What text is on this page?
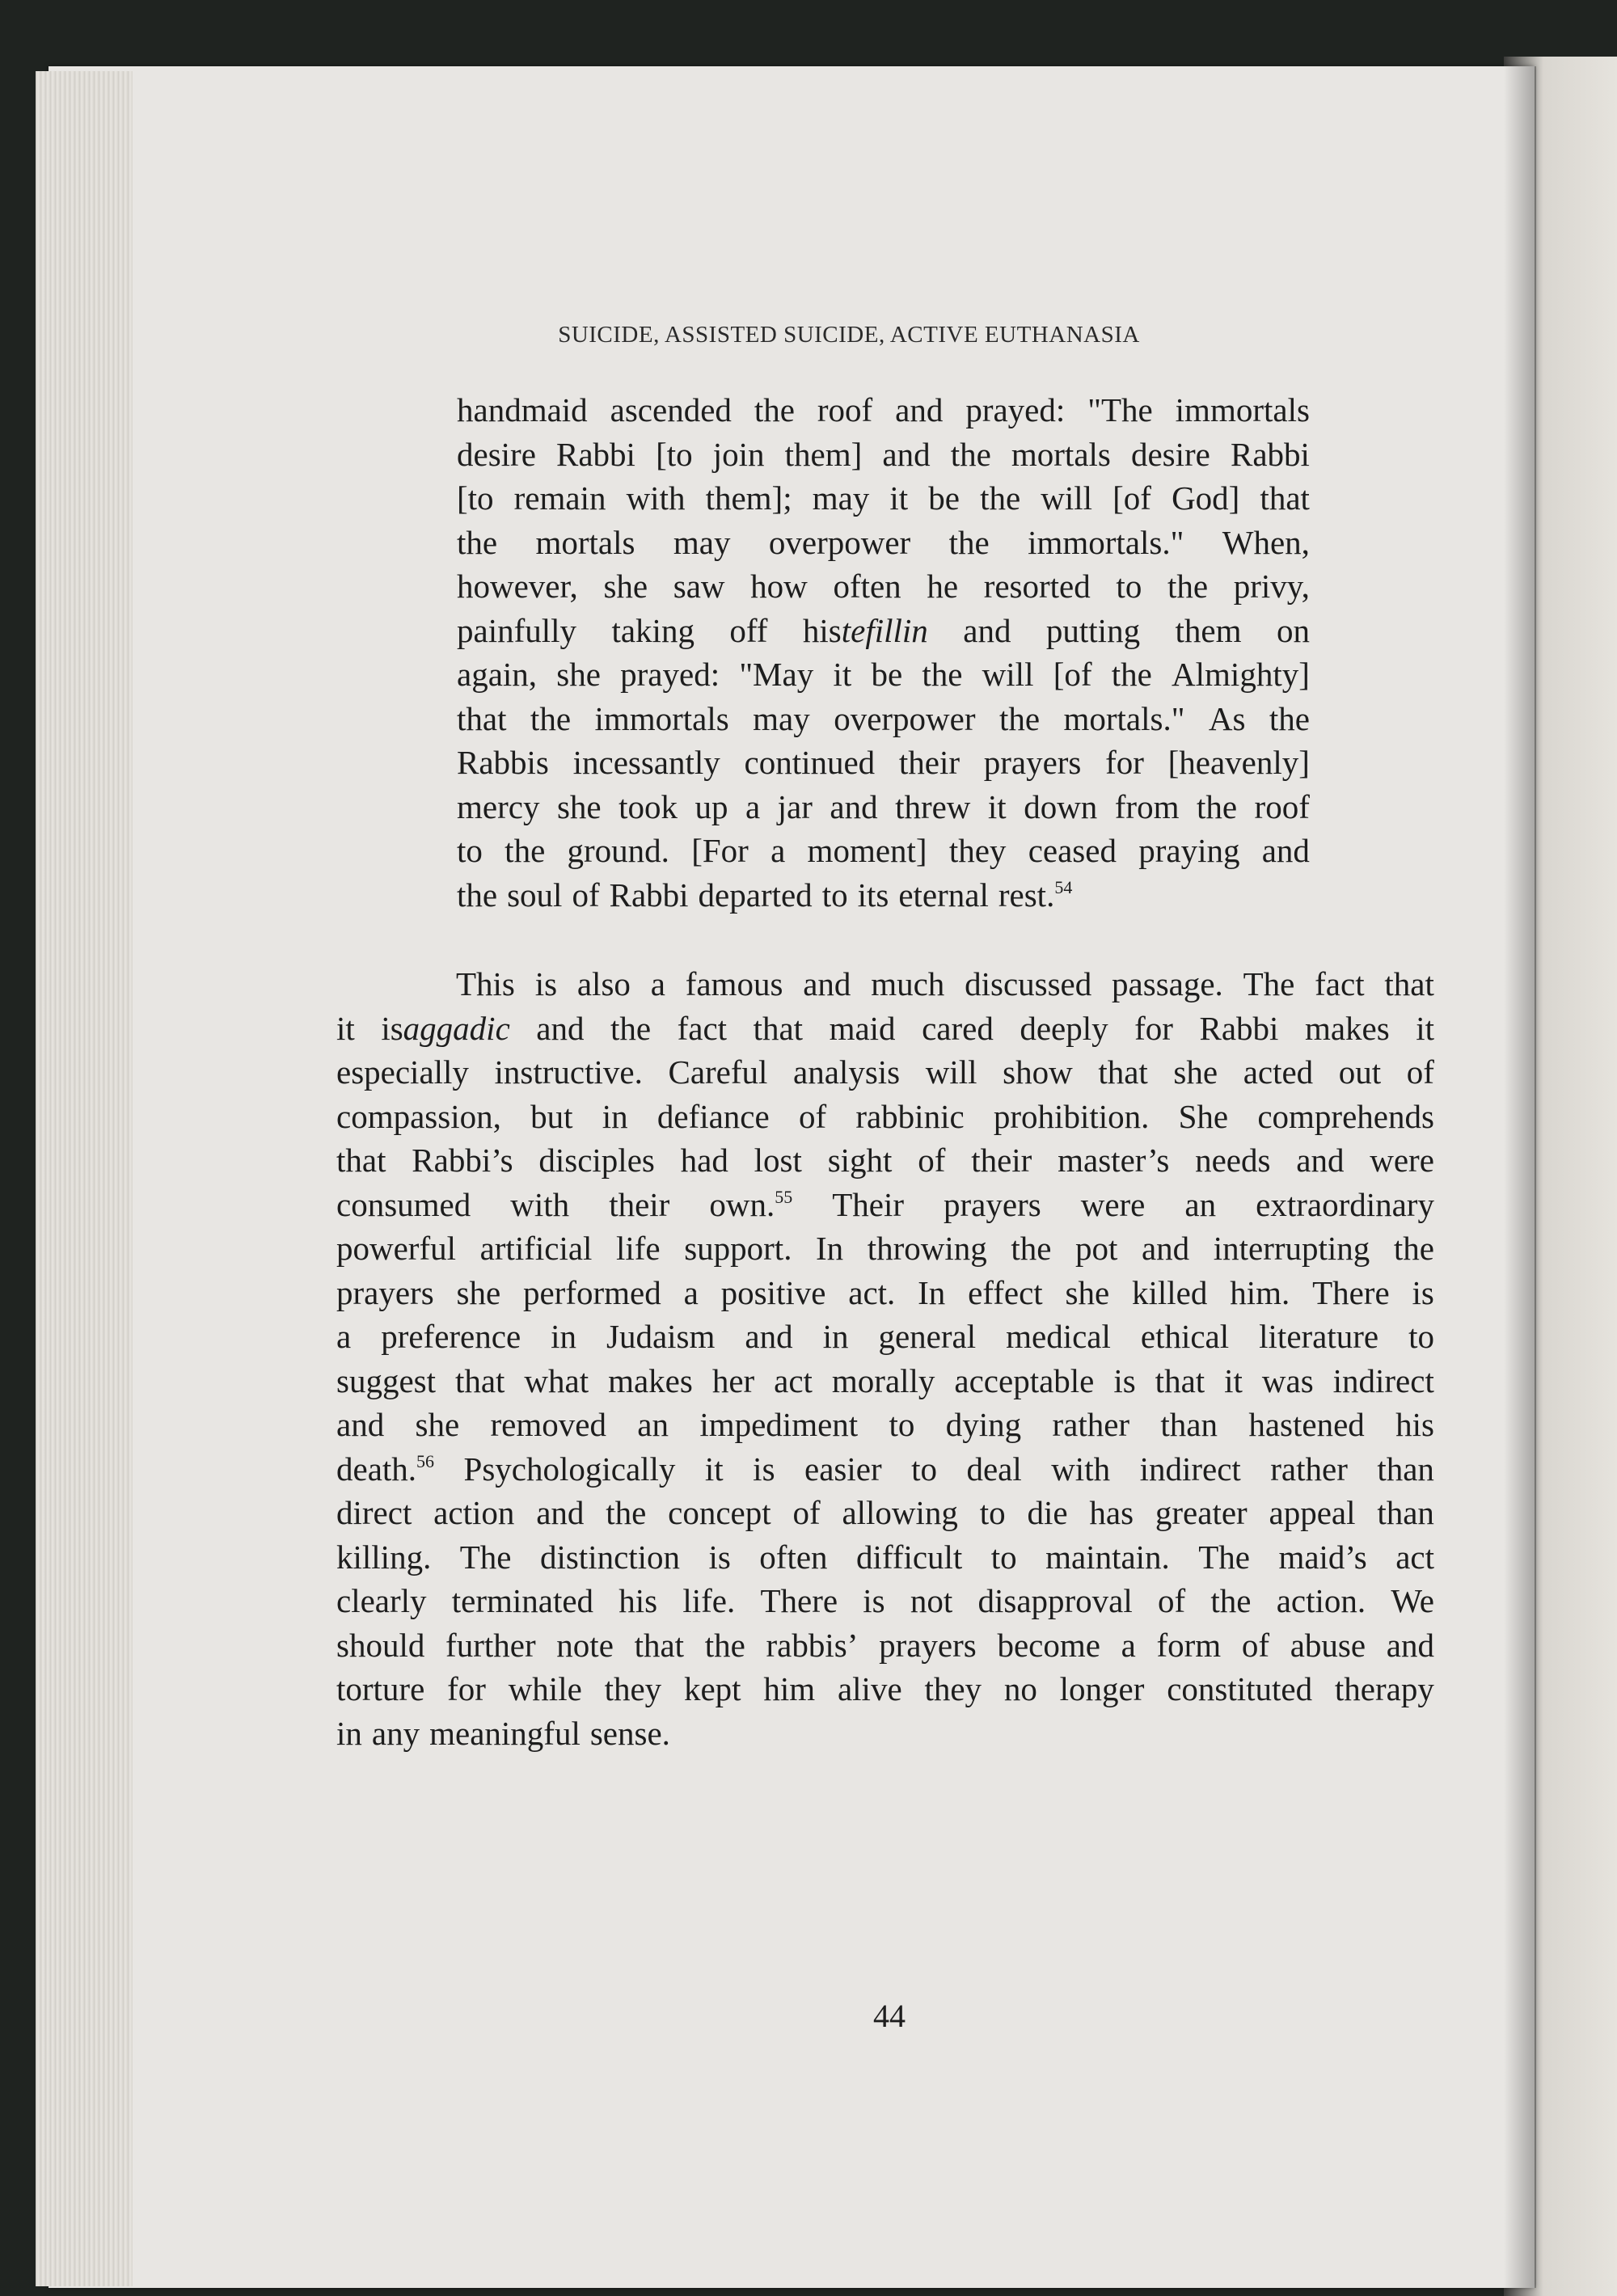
SUICIDE, ASSISTED SUICIDE, ACTIVE EUTHANASIA
handmaid ascended the roof and prayed: "The immortals
desire Rabbi [to join them] and the mortals desire Rabbi
[to remain with them]; may it be the will [of God] that
the mortals may overpower the immortals." When,
however, she saw how often he resorted to the privy,
painfully taking off histefillin and putting them on
again, she prayed: "May it be the will [of the Almighty]
that the immortals may overpower the mortals." As the
Rabbis incessantly continued their prayers for [heavenly]
mercy she took up a jar and threw it down from the roof
to the ground. [For a moment] they ceased praying and
the soul of Rabbi departed to its eternal rest.$^{54}$
This is also a famous and much discussed passage. The fact that
it isaggadic and the fact that maid cared deeply for Rabbi makes it
especially instructive. Careful analysis will show that she acted out of
compassion, but in defiance of rabbinic prohibition. She comprehends
that Rabbi’s disciples had lost sight of their master’s needs and were
consumed with their own.$^{55}$ Their prayers were an extraordinary
powerful artificial life support. In throwing the pot and interrupting the
prayers she performed a positive act. In effect she killed him. There is
a preference in Judaism and in general medical ethical literature to
suggest that what makes her act morally acceptable is that it was indirect
and she removed an impediment to dying rather than hastened his
death.$^{56}$ Psychologically it is easier to deal with indirect rather than
direct action and the concept of allowing to die has greater appeal than
killing. The distinction is often difficult to maintain. The maid’s act
clearly terminated his life. There is not disapproval of the action. We
should further note that the rabbis’ prayers become a form of abuse and
torture for while they kept him alive they no longer constituted therapy
in any meaningful sense.
44
